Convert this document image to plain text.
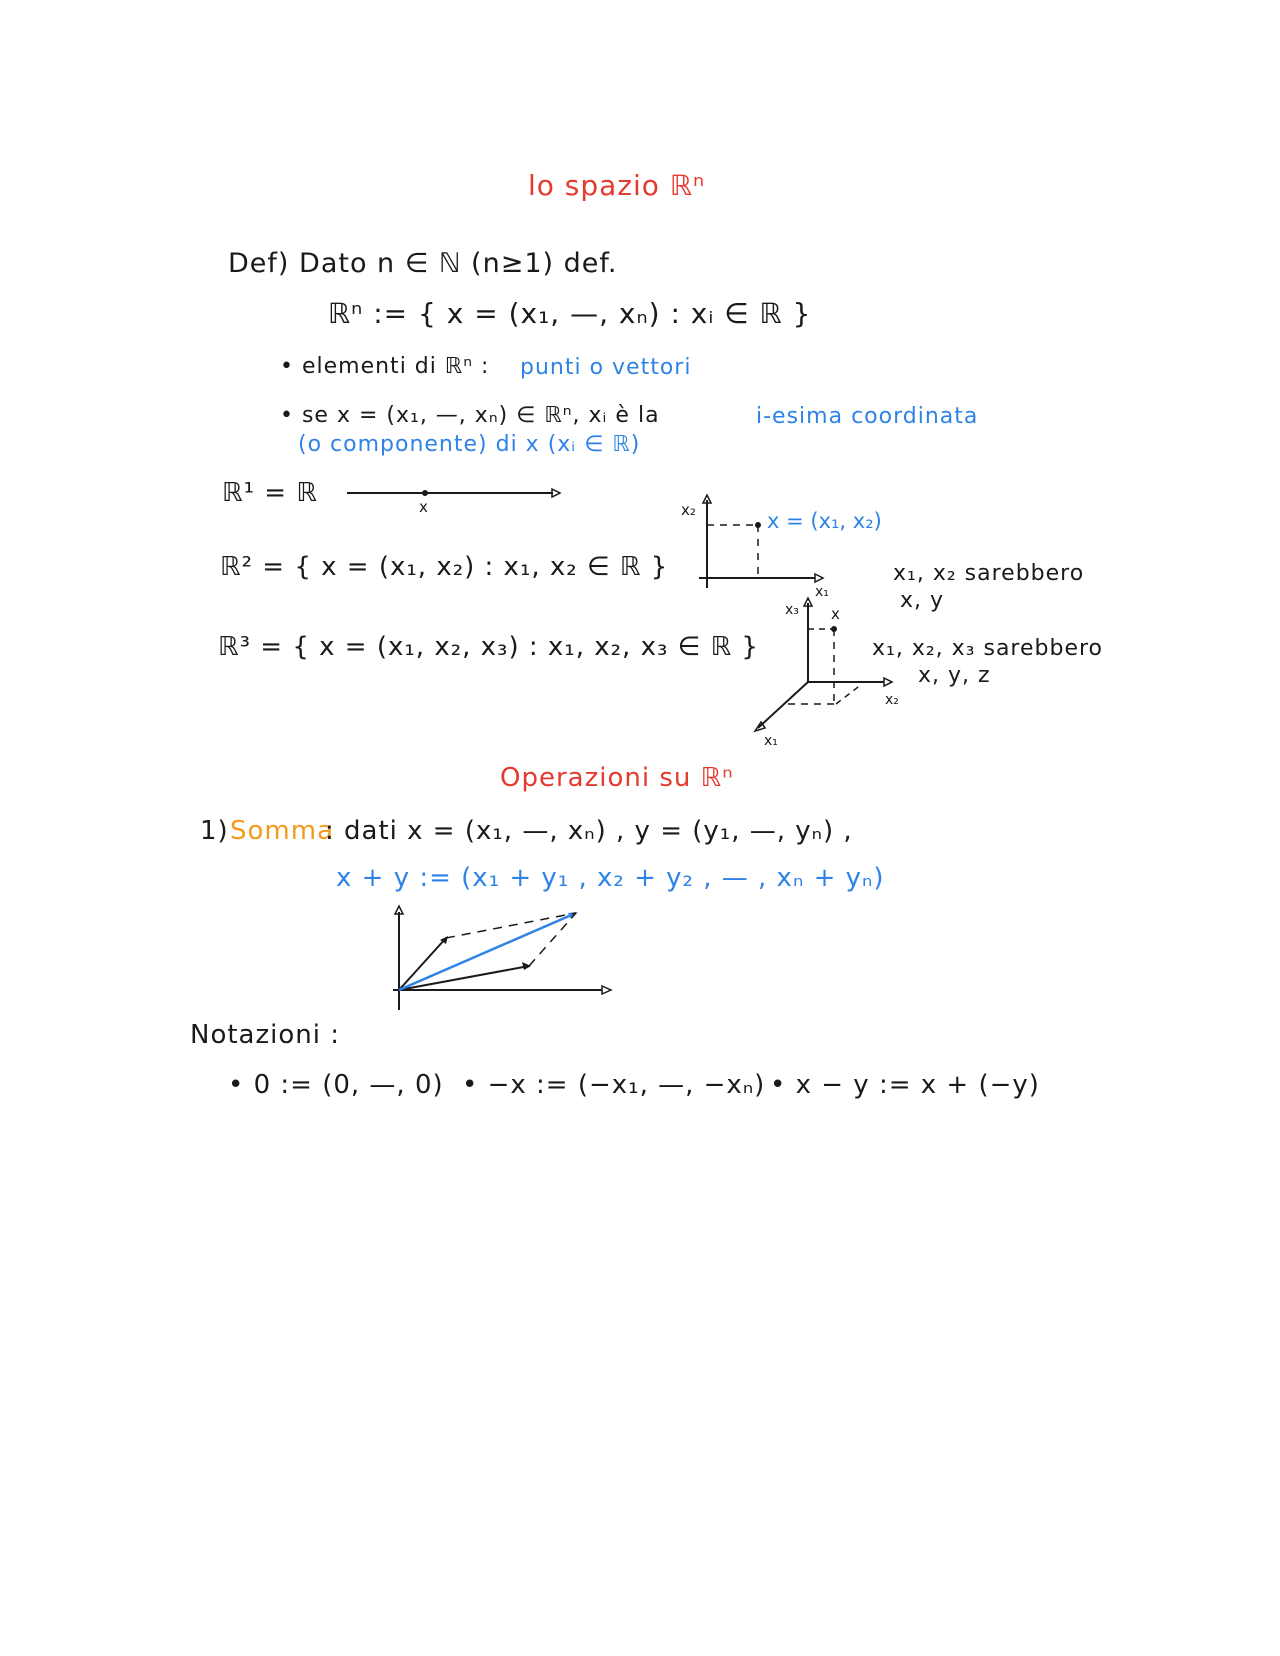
lo spazio ℝⁿ
Def) Dato n ∈ ℕ (n≥1) def.
ℝⁿ := { x = (x₁, —, xₙ) : xᵢ ∈ ℝ }
• elementi di ℝⁿ : punti o vettori
• se x = (x₁, —, xₙ) ∈ ℝⁿ, xᵢ è la	i-esima coordinata
(o componente) di x (xᵢ ∈ ℝ)
ℝ¹ = ℝ
ℝ² = { x = (x₁, x₂) : x₁, x₂ ∈ ℝ }
ℝ³ = { x = (x₁, x₂, x₃) : x₁, x₂, x₃ ∈ ℝ }
x₁, x₂ sarebbero
x, y
x₁, x₂, x₃ sarebbero
x, y, z
Operazioni su ℝⁿ
1) Somma
: dati x = (x₁, —, xₙ) , y = (y₁, —, yₙ) ,
x + y := (x₁ + y₁ , x₂ + y₂ , — , xₙ + yₙ)
Notazioni :
• 0 := (0, —, 0) • −x := (−x₁, —, −xₙ) • x − y := x + (−y)
x	x₂
x₁
x = (x₁, x₂)
x₃
x₂
x₁
x
